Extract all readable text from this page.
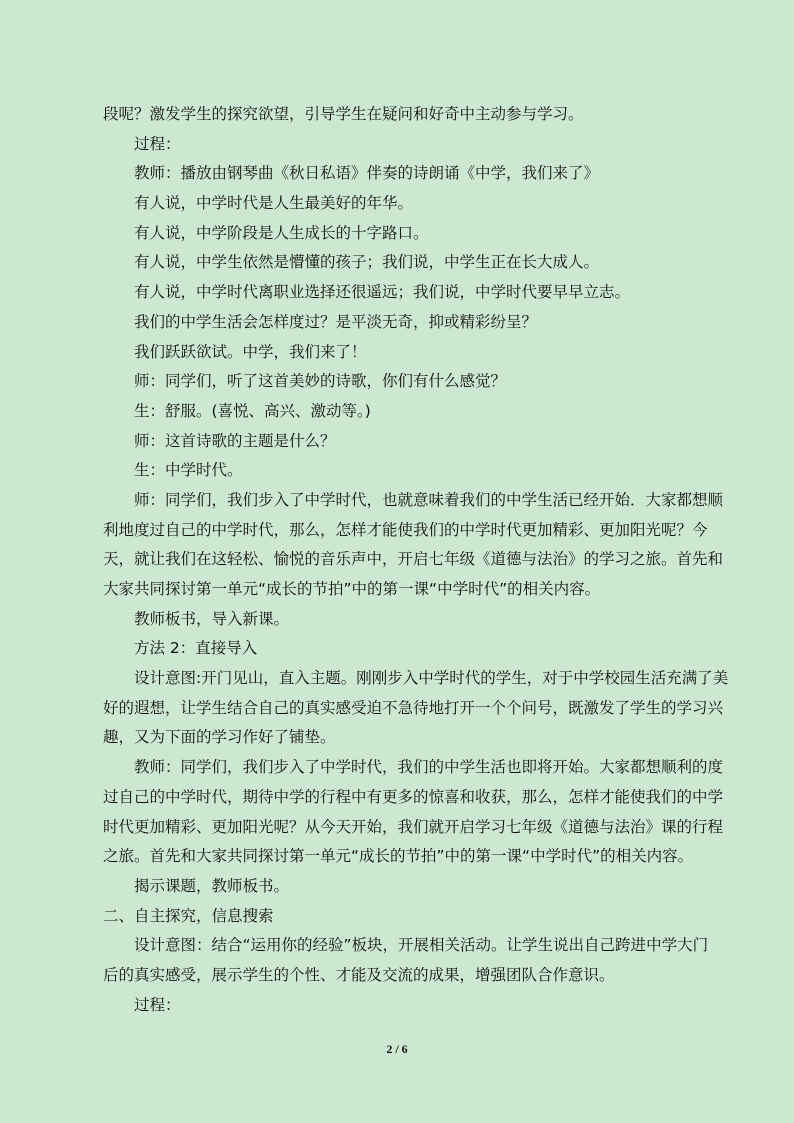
段呢？激发学生的探究欲望，引导学生在疑问和好奇中主动参与学习。
过程：
教师：播放由钢琴曲《秋日私语》伴奏的诗朗诵《中学，我们来了》
有人说，中学时代是人生最美好的年华。
有人说，中学阶段是人生成长的十字路口。
有人说，中学生依然是懵懂的孩子；我们说，中学生正在长大成人。
有人说，中学时代离职业选择还很遥远；我们说，中学时代要早早立志。
我们的中学生活会怎样度过？是平淡无奇，抑或精彩纷呈？
我们跃跃欲试。中学，我们来了！
师：同学们，听了这首美妙的诗歌，你们有什么感觉？
生：舒服。(喜悦、高兴、激动等。)
师：这首诗歌的主题是什么？
生：中学时代。
师：同学们，我们步入了中学时代，也就意味着我们的中学生活已经开始．大家都想顺
利地度过自己的中学时代，那么，怎样才能使我们的中学时代更加精彩、更加阳光呢？今
天，就让我们在这轻松、愉悦的音乐声中，开启七年级《道德与法治》的学习之旅。首先和
大家共同探讨第一单元“成长的节拍”中的第一课“中学时代”的相关内容。
教师板书，导入新课。
方法 2：直接导入
设计意图:开门见山，直入主题。刚刚步入中学时代的学生，对于中学校园生活充满了美
好的遐想，让学生结合自己的真实感受迫不急待地打开一个个问号，既激发了学生的学习兴
趣，又为下面的学习作好了铺垫。
教师：同学们，我们步入了中学时代，我们的中学生活也即将开始。大家都想顺利的度
过自己的中学时代，期待中学的行程中有更多的惊喜和收获，那么，怎样才能使我们的中学
时代更加精彩、更加阳光呢？从今天开始，我们就开启学习七年级《道德与法治》课的行程
之旅。首先和大家共同探讨第一单元“成长的节拍”中的第一课“中学时代”的相关内容。
揭示课题，教师板书。
二、自主探究，信息搜索
设计意图：结合“运用你的经验”板块，开展相关活动。让学生说出自己跨进中学大门
后的真实感受，展示学生的个性、才能及交流的成果，增强团队合作意识。
过程：
2 / 6
